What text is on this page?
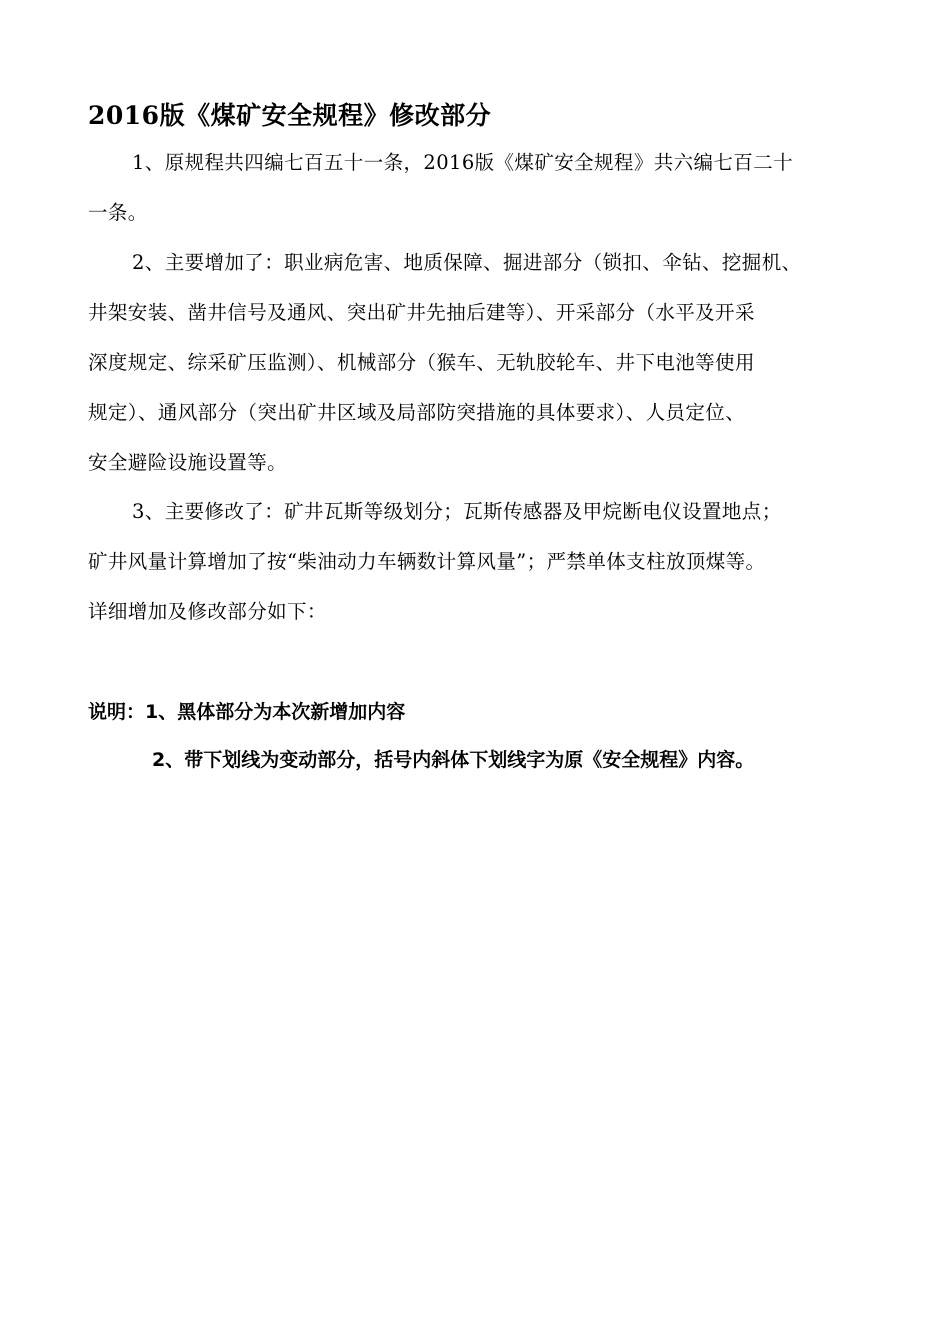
2016版《煤矿安全规程》修改部分
1、原规程共四编七百五十一条，2016版《煤矿安全规程》共六编七百二十
一条。
2、主要增加了：职业病危害、地质保障、掘进部分（锁扣、伞钻、挖掘机、
井架安装、凿井信号及通风、突出矿井先抽后建等）、开采部分（水平及开采
深度规定、综采矿压监测）、机械部分（猴车、无轨胶轮车、井下电池等使用
规定）、通风部分（突出矿井区域及局部防突措施的具体要求）、人员定位、
安全避险设施设置等。
3、主要修改了：矿井瓦斯等级划分；瓦斯传感器及甲烷断电仪设置地点；
矿井风量计算增加了按“柴油动力车辆数计算风量”；严禁单体支柱放顶煤等。
详细增加及修改部分如下：
说明：1、黑体部分为本次新增加内容
2、带下划线为变动部分，括号内斜体下划线字为原《安全规程》内容。
